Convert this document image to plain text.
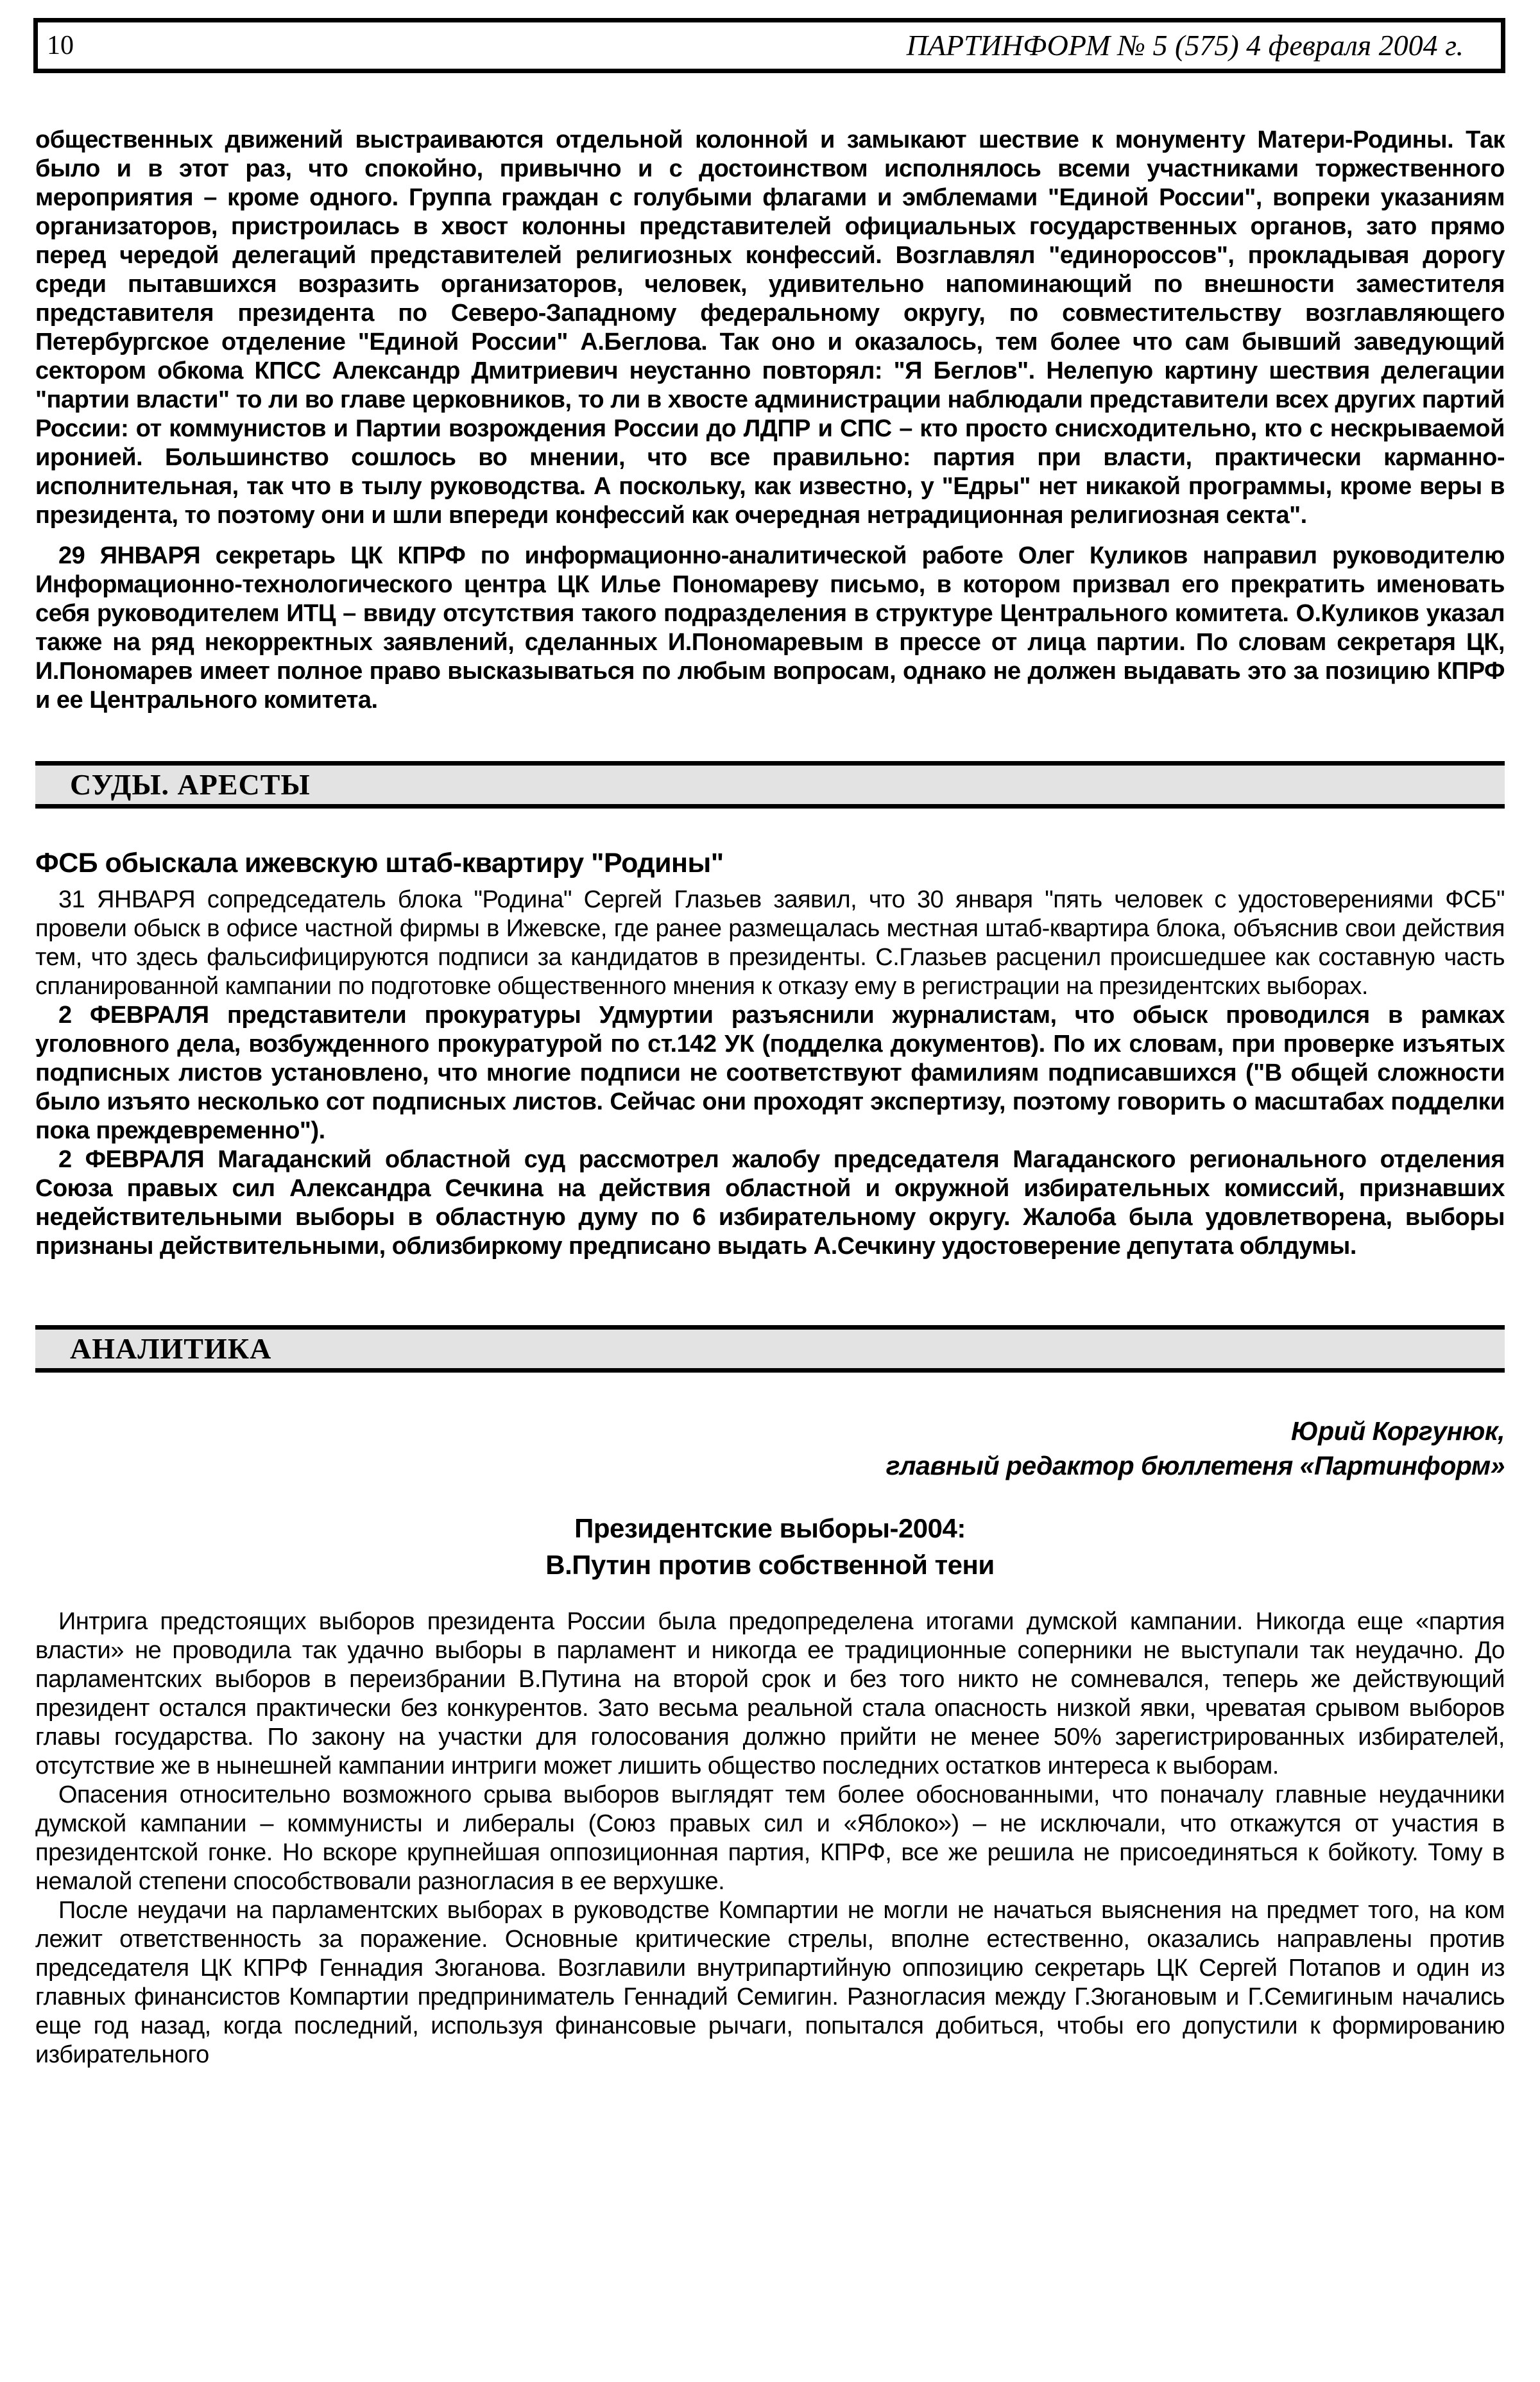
10	ПАРТИНФОРМ № 5 (575) 4 февраля 2004 г.

общественных движений выстраиваются отдельной колонной и замыкают шествие к монументу Матери-Родины. Так было и в этот раз, что спокойно, привычно и с достоинством исполнялось всеми участниками торжественного мероприятия – кроме одного. Группа граждан с голубыми флагами и эмблемами "Единой России", вопреки указаниям организаторов, пристроилась в хвост колонны представителей официальных государственных органов, зато прямо перед чередой делегаций представителей религиозных конфессий. Возглавлял "единороссов", прокладывая дорогу среди пытавшихся возразить организаторов, человек, удивительно напоминающий по внешности заместителя представителя президента по Северо-Западному федеральному округу, по совместительству возглавляющего Петербургское отделение "Единой России" А.Беглова. Так оно и оказалось, тем более что сам бывший заведующий сектором обкома КПСС Александр Дмитриевич неустанно повторял: "Я Беглов". Нелепую картину шествия делегации "партии власти" то ли во главе церковников, то ли в хвосте администрации наблюдали представители всех других партий России: от коммунистов и Партии возрождения России до ЛДПР и СПС – кто просто снисходительно, кто с нескрываемой иронией. Большинство сошлось во мнении, что все правильно: партия при власти, практически карманно-исполнительная, так что в тылу руководства. А поскольку, как известно, у "Едры" нет никакой программы, кроме веры в президента, то поэтому они и шли впереди конфессий как очередная нетрадиционная религиозная секта".

29 ЯНВАРЯ секретарь ЦК КПРФ по информационно-аналитической работе Олег Куликов направил руководителю Информационно-технологического центра ЦК Илье Пономареву письмо, в котором призвал его прекратить именовать себя руководителем ИТЦ – ввиду отсутствия такого подразделения в структуре Центрального комитета. О.Куликов указал также на ряд некорректных заявлений, сделанных И.Пономаревым в прессе от лица партии. По словам секретаря ЦК, И.Пономарев имеет полное право высказываться по любым вопросам, однако не должен выдавать это за позицию КПРФ и ее Центрального комитета.

СУДЫ. АРЕСТЫ
ФСБ обыскала ижевскую штаб-квартиру "Родины"

31 ЯНВАРЯ сопредседатель блока "Родина" Сергей Глазьев заявил, что 30 января "пять человек с удостоверениями ФСБ" провели обыск в офисе частной фирмы в Ижевске, где ранее размещалась местная штаб-квартира блока, объяснив свои действия тем, что здесь фальсифицируются подписи за кандидатов в президенты. С.Глазьев расценил происшедшее как составную часть спланированной кампании по подготовке общественного мнения к отказу ему в регистрации на президентских выборах.

2 ФЕВРАЛЯ представители прокуратуры Удмуртии разъяснили журналистам, что обыск проводился в рамках уголовного дела, возбужденного прокуратурой по ст.142 УК (подделка документов). По их словам, при проверке изъятых подписных листов установлено, что многие подписи не соответствуют фамилиям подписавшихся ("В общей сложности было изъято несколько сот подписных листов. Сейчас они проходят экспертизу, поэтому говорить о масштабах подделки пока преждевременно").

2 ФЕВРАЛЯ Магаданский областной суд рассмотрел жалобу председателя Магаданского регионального отделения Союза правых сил Александра Сечкина на действия областной и окружной избирательных комиссий, признавших недействительными выборы в областную думу по 6 избирательному округу. Жалоба была удовлетворена, выборы признаны действительными, облизбиркому предписано выдать А.Сечкину удостоверение депутата облдумы.

АНАЛИТИКА
Юрий Коргунюк,
главный редактор бюллетеня «Партинформ»
Президентские выборы-2004:
В.Путин против собственной тени

Интрига предстоящих выборов президента России была предопределена итогами думской кампании. Никогда еще «партия власти» не проводила так удачно выборы в парламент и никогда ее традиционные соперники не выступали так неудачно. До парламентских выборов в переизбрании В.Путина на второй срок и без того никто не сомневался, теперь же действующий президент остался практически без конкурентов. Зато весьма реальной стала опасность низкой явки, чреватая срывом выборов главы государства. По закону на участки для голосования должно прийти не менее 50% зарегистрированных избирателей, отсутствие же в нынешней кампании интриги может лишить общество последних остатков интереса к выборам.

Опасения относительно возможного срыва выборов выглядят тем более обоснованными, что поначалу главные неудачники думской кампании – коммунисты и либералы (Союз правых сил и «Яблоко») – не исключали, что откажутся от участия в президентской гонке. Но вскоре крупнейшая оппозиционная партия, КПРФ, все же решила не присоединяться к бойкоту. Тому в немалой степени способствовали разногласия в ее верхушке.

После неудачи на парламентских выборах в руководстве Компартии не могли не начаться выяснения на предмет того, на ком лежит ответственность за поражение. Основные критические стрелы, вполне естественно, оказались направлены против председателя ЦК КПРФ Геннадия Зюганова. Возглавили внутрипартийную оппозицию секретарь ЦК Сергей Потапов и один из главных финансистов Компартии предприниматель Геннадий Семигин. Разногласия между Г.Зюгановым и Г.Семигиным начались еще год назад, когда последний, используя финансовые рычаги, попытался добиться, чтобы его допустили к формированию избирательного
